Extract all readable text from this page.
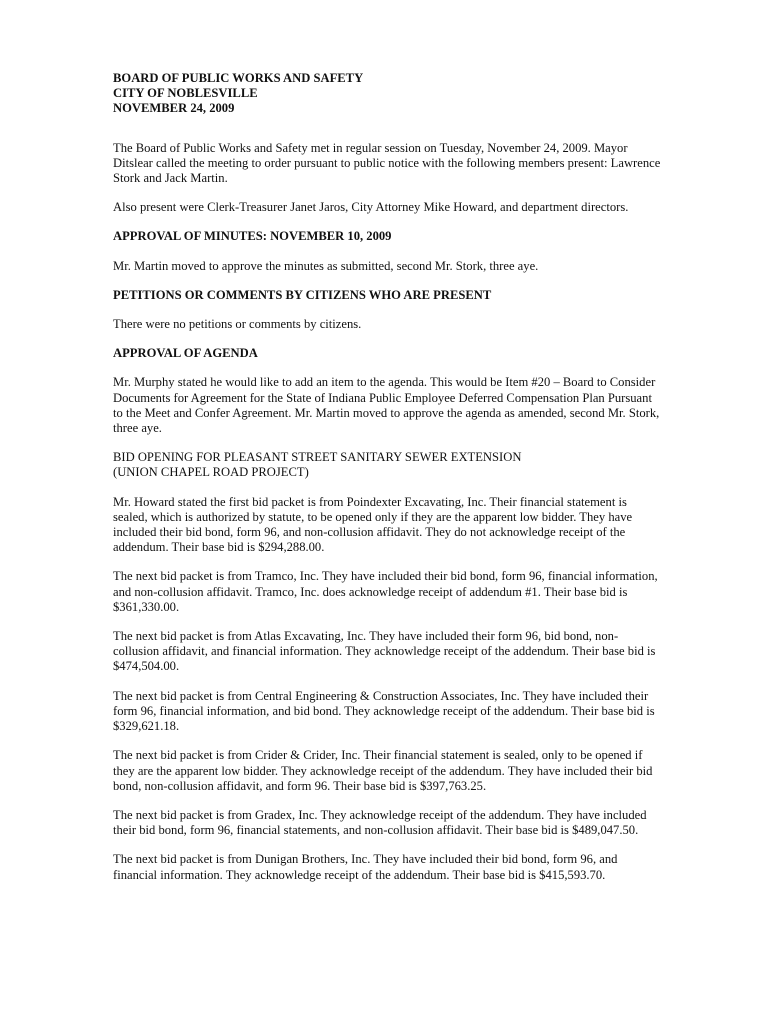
BOARD OF PUBLIC WORKS AND SAFETY

CITY OF NOBLESVILLE

NOVEMBER 24, 2009

The Board of Public Works and Safety met in regular session on Tuesday, November 24, 2009. Mayor Ditslear called the meeting to order pursuant to public notice with the following members present: Lawrence Stork and Jack Martin.

Also present were Clerk-Treasurer Janet Jaros, City Attorney Mike Howard, and department directors.

APPROVAL OF MINUTES: NOVEMBER 10, 2009

Mr. Martin moved to approve the minutes as submitted, second Mr. Stork, three aye.

PETITIONS OR COMMENTS BY CITIZENS WHO ARE PRESENT

There were no petitions or comments by citizens.

APPROVAL OF AGENDA

Mr. Murphy stated he would like to add an item to the agenda. This would be Item #20 – Board to Consider Documents for Agreement for the State of Indiana Public Employee Deferred Compensation Plan Pursuant to the Meet and Confer Agreement. Mr. Martin moved to approve the agenda as amended, second Mr. Stork, three aye.

BID OPENING FOR PLEASANT STREET SANITARY SEWER EXTENSION

(UNION CHAPEL ROAD PROJECT)

Mr. Howard stated the first bid packet is from Poindexter Excavating, Inc. Their financial statement is sealed, which is authorized by statute, to be opened only if they are the apparent low bidder. They have included their bid bond, form 96, and non-collusion affidavit. They do not acknowledge receipt of the addendum. Their base bid is $294,288.00.

The next bid packet is from Tramco, Inc. They have included their bid bond, form 96, financial information, and non-collusion affidavit. Tramco, Inc. does acknowledge receipt of addendum #1. Their base bid is $361,330.00.

The next bid packet is from Atlas Excavating, Inc. They have included their form 96, bid bond, non-collusion affidavit, and financial information. They acknowledge receipt of the addendum. Their base bid is $474,504.00.

The next bid packet is from Central Engineering & Construction Associates, Inc. They have included their form 96, financial information, and bid bond. They acknowledge receipt of the addendum. Their base bid is $329,621.18.

The next bid packet is from Crider & Crider, Inc. Their financial statement is sealed, only to be opened if they are the apparent low bidder. They acknowledge receipt of the addendum. They have included their bid bond, non-collusion affidavit, and form 96. Their base bid is $397,763.25.

The next bid packet is from Gradex, Inc. They acknowledge receipt of the addendum. They have included their bid bond, form 96, financial statements, and non-collusion affidavit. Their base bid is $489,047.50.

The next bid packet is from Dunigan Brothers, Inc. They have included their bid bond, form 96, and financial information. They acknowledge receipt of the addendum. Their base bid is $415,593.70.
